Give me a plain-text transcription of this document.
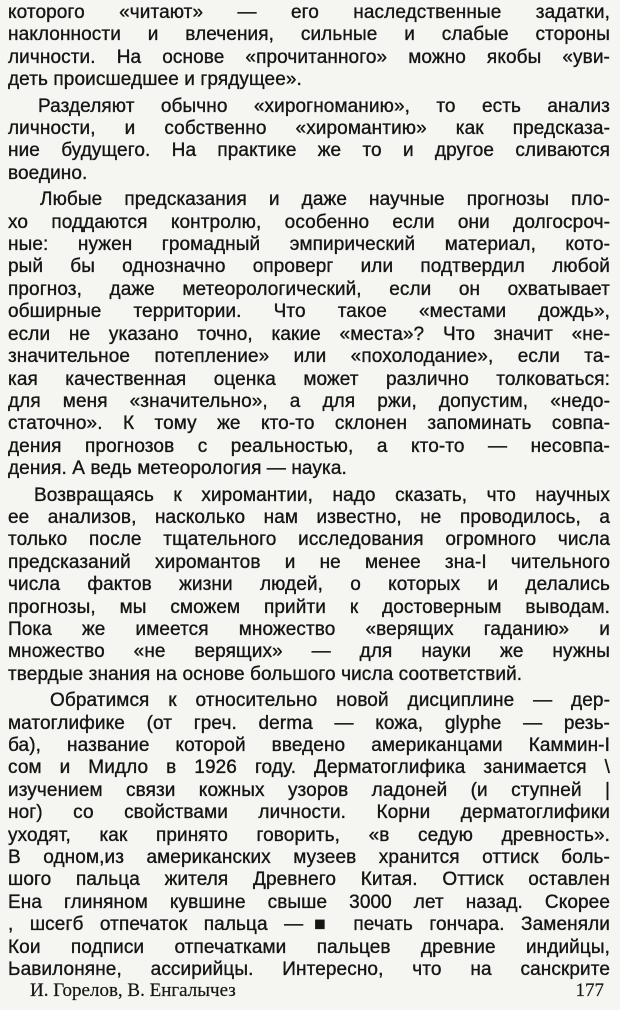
которого «читают» — его наследственные задатки,
наклонности и влечения, сильные и слабые стороны
личности. На основе «прочитанного» можно якобы «уви-
деть происшедшее и грядущее».
Разделяют обычно «хирогноманию», то есть анализ
личности, и собственно «хиромантию» как предсказа-
ние будущего. На практике же то и другое сливаются
воедино.
Любые предсказания и даже научные прогнозы пло-
хо поддаются контролю, особенно если они долгосроч-
ные: нужен громадный эмпирический материал, кото-
рый бы однозначно опроверг или подтвердил любой
прогноз, даже метеорологический, если он охватывает
обширные территории. Что такое «местами дождь»,
если не указано точно, какие «места»? Что значит «не-
значительное потепление» или «похолодание», если та-
кая качественная оценка может различно толковаться:
для меня «значительно», а для ржи, допустим, «недо-
статочно». К тому же кто-то склонен запоминать совпа-
дения прогнозов с реальностью, а кто-то — несовпа-
дения. А ведь метеорология — наука.
Возвращаясь к хиромантии, надо сказать, что научных
ее анализов, насколько нам известно, не проводилось, а
только после тщательного исследования огромного числа
предсказаний хиромантов и не менее зна-I чительного
числа фактов жизни людей, о которых и делались
прогнозы, мы сможем прийти к достоверным выводам.
Пока же имеется множество «верящих гаданию» и
множество «не верящих» — для науки же нужны
твердые знания на основе большого числа соответствий.
Обратимся к относительно новой дисциплине — дер-
матоглифике (от греч. derma — кожа, glyphe — резь-
ба), название которой введено американцами Каммин-I
сом и Мидло в 1926 году. Дерматоглифика занимается \
изучением связи кожных узоров ладоней (и ступней |
ног) со свойствами личности. Корни дерматоглифики
уходят, как принято говорить, «в седую древность».
В одном,из американских музеев хранится оттиск боль-
шого пальца жителя Древнего Китая. Оттиск оставлен
Ена глиняном кувшине свыше 3000 лет назад. Скорее
, шсегб отпечаток пальца —■ печать гончара. Заменяли
Кои подписи отпечатками пальцев древние индийцы,
Ьавилоняне, ассирийцы. Интересно, что на санскрите
И. Горелов, В. Енгалычез	177
